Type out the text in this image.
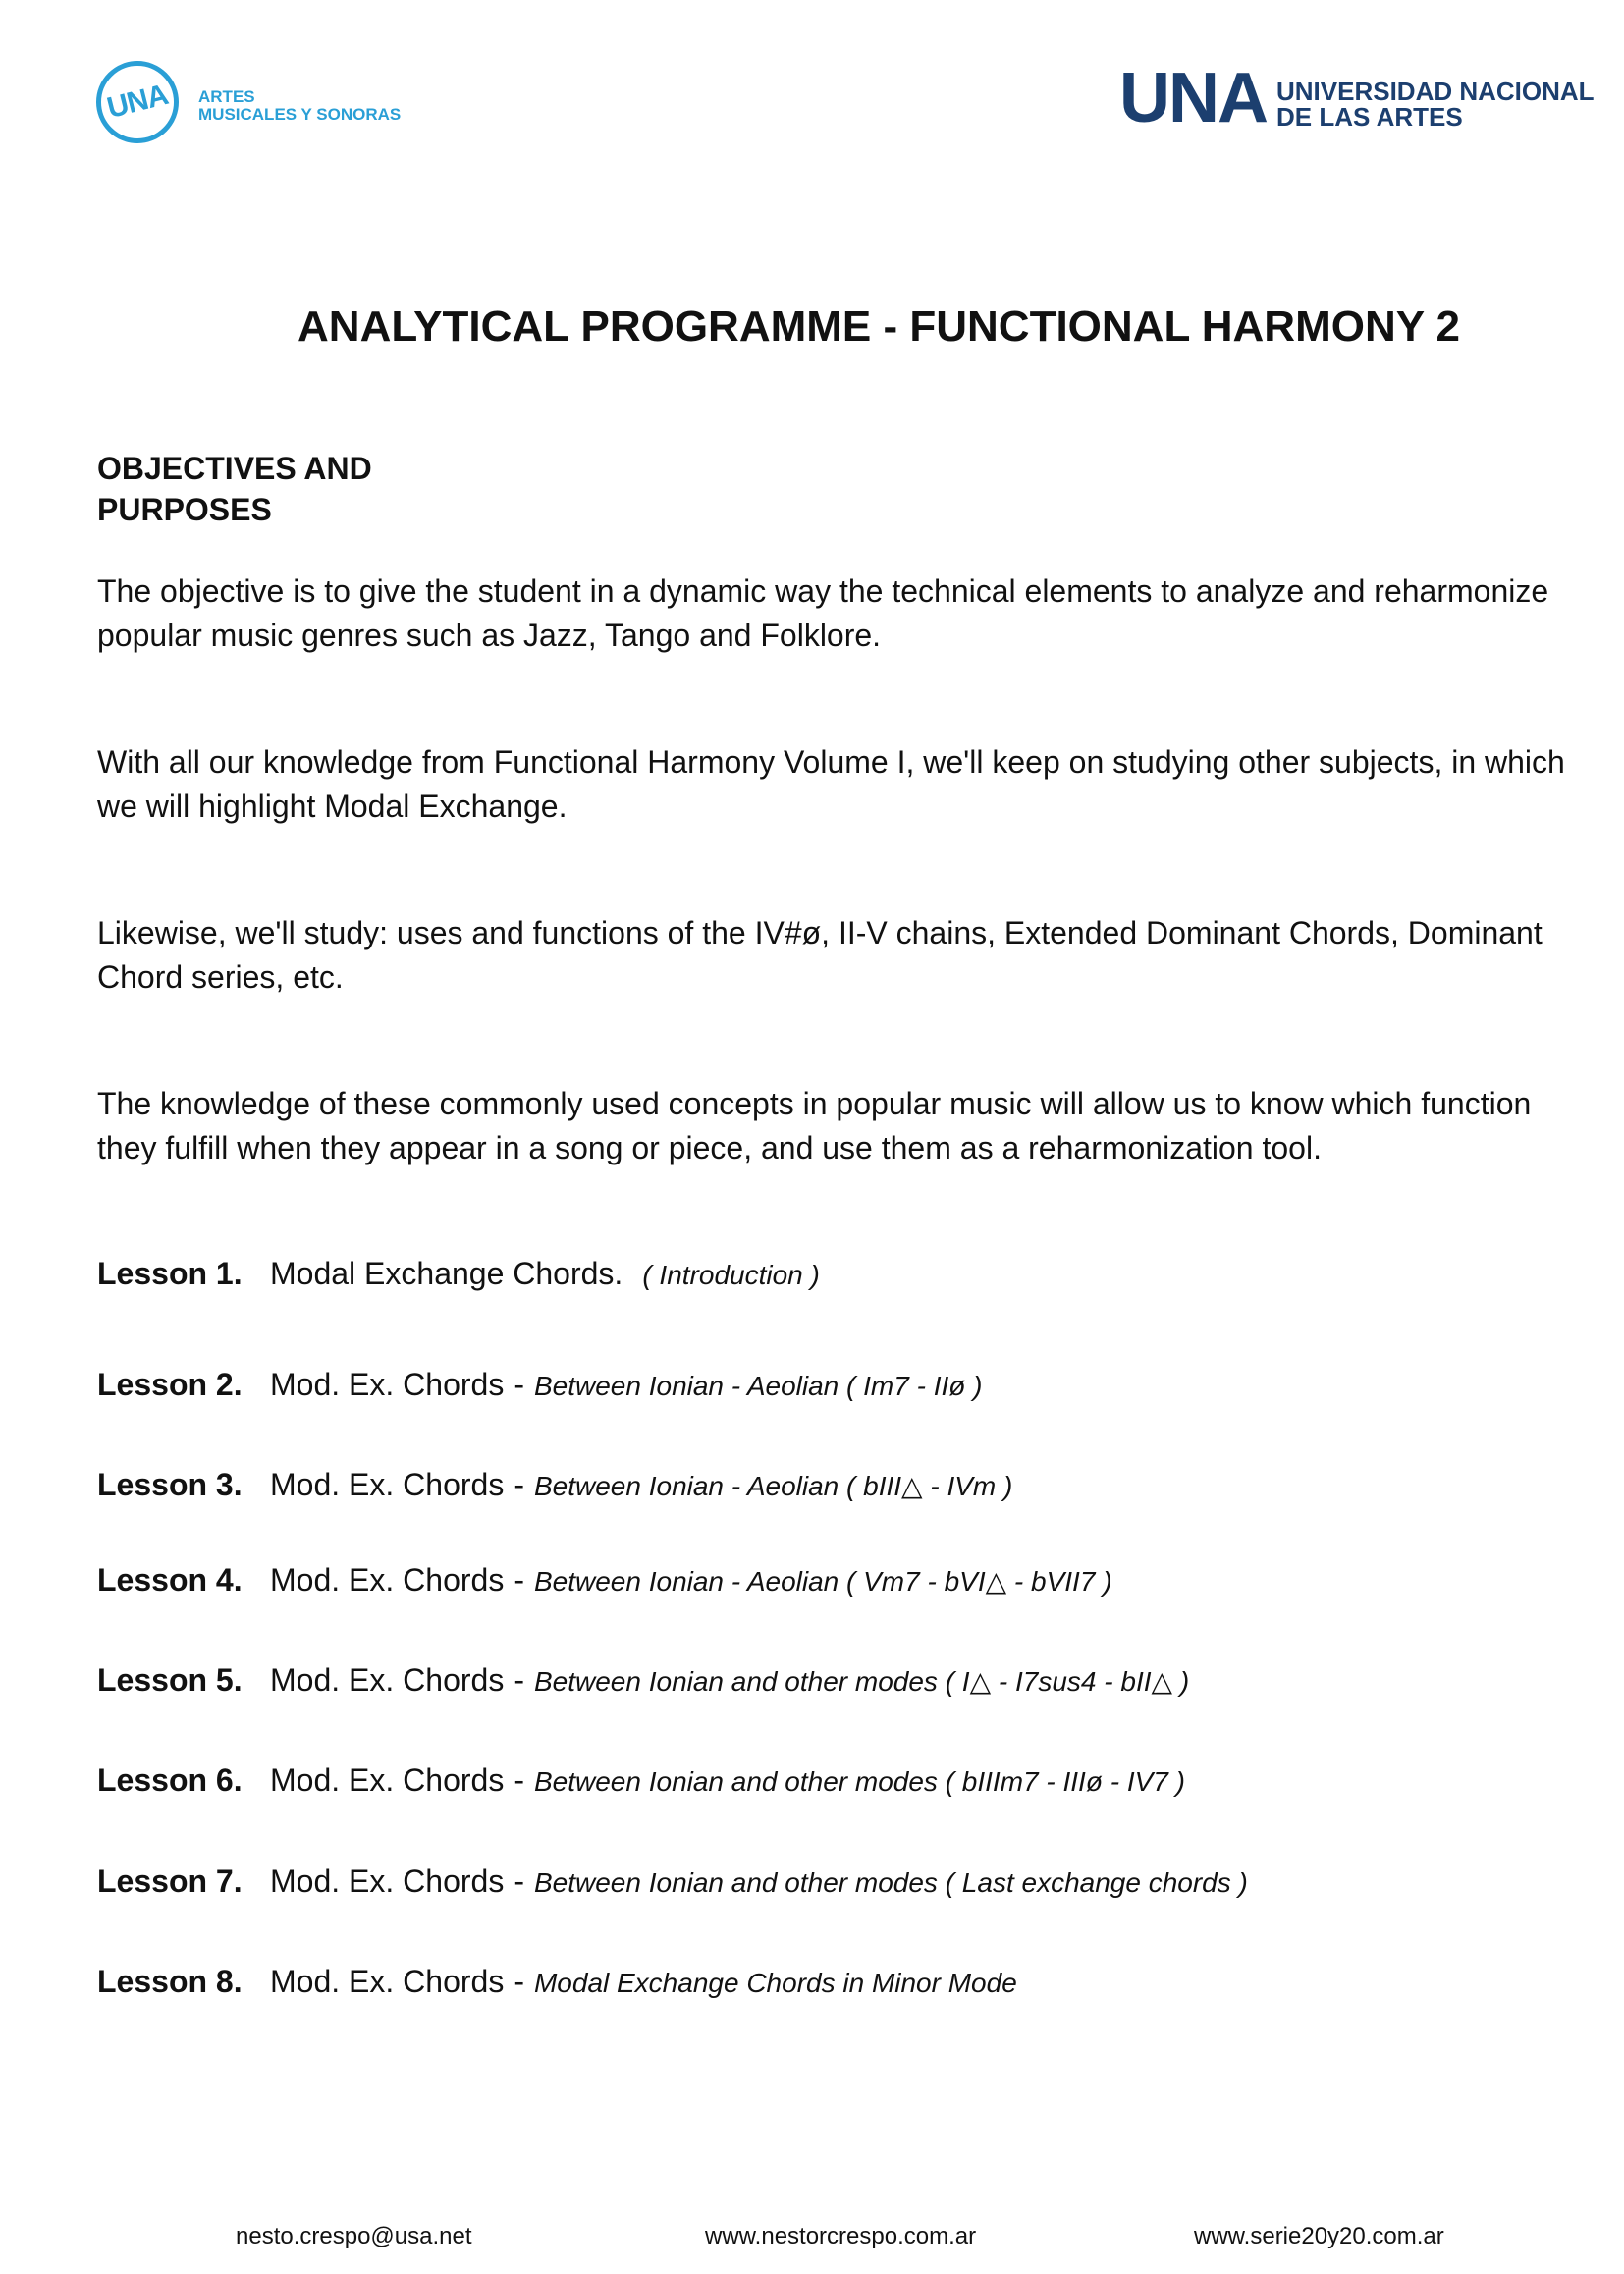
UNA	ARTES
MUSICALES Y SONORAS	UNA UNIVERSIDAD NACIONAL
DE LAS ARTES
ANALYTICAL PROGRAMME - FUNCTIONAL HARMONY 2
OBJECTIVES AND
PURPOSES

The objective is to give the student in a dynamic way the technical elements to analyze and reharmonize popular music genres such as Jazz, Tango and Folklore.

With all our knowledge from Functional Harmony Volume I, we'll keep on studying other subjects, in which we will highlight Modal Exchange.

Likewise, we'll study: uses and functions of the IV#ø, II-V chains, Extended Dominant Chords, Dominant Chord series, etc.

The knowledge of these commonly used concepts in popular music will allow us to know which function they fulfill when they appear in a song or piece, and use them as a reharmonization tool.

Lesson 1. Modal Exchange Chords. ( Introduction )
Lesson 2. Mod. Ex. Chords - Between Ionian - Aeolian ( Im7 - IIø )
Lesson 3. Mod. Ex. Chords - Between Ionian - Aeolian ( bIII△ - IVm )
Lesson 4. Mod. Ex. Chords - Between Ionian - Aeolian ( Vm7 - bVI△ - bVII7 )
Lesson 5. Mod. Ex. Chords - Between Ionian and other modes ( I△ - I7sus4 - bII△ )
Lesson 6. Mod. Ex. Chords - Between Ionian and other modes ( bIIIm7 - IIIø - IV7 )
Lesson 7. Mod. Ex. Chords - Between Ionian and other modes ( Last exchange chords )
Lesson 8. Mod. Ex. Chords - Modal Exchange Chords in Minor Mode
nesto.crespo@usa.net	www.nestorcrespo.com.ar	www.serie20y20.com.ar
